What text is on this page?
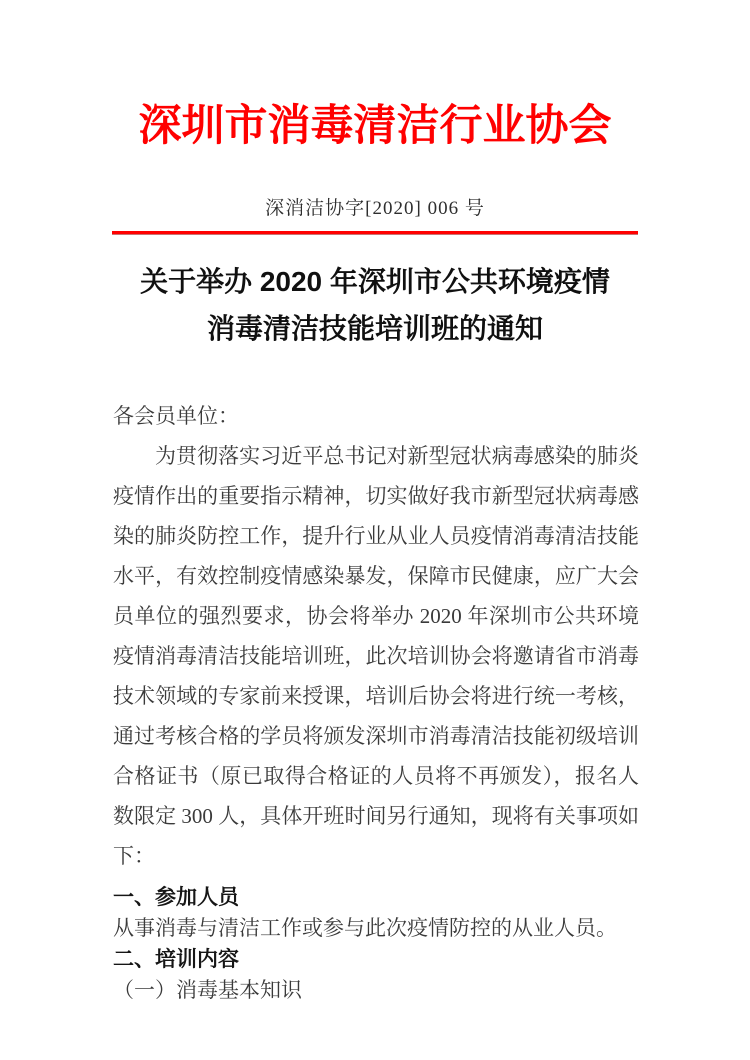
深圳市消毒清洁行业协会
深消洁协字[2020] 006 号
关于举办 2020 年深圳市公共环境疫情
消毒清洁技能培训班的通知
各会员单位：
为贯彻落实习近平总书记对新型冠状病毒感染的肺炎疫情作出的重要指示精神，切实做好我市新型冠状病毒感染的肺炎防控工作，提升行业从业人员疫情消毒清洁技能水平，有效控制疫情感染暴发，保障市民健康，应广大会员单位的强烈要求，协会将举办 2020 年深圳市公共环境疫情消毒清洁技能培训班，此次培训协会将邀请省市消毒技术领域的专家前来授课，培训后协会将进行统一考核，通过考核合格的学员将颁发深圳市消毒清洁技能初级培训合格证书（原已取得合格证的人员将不再颁发），报名人数限定 300 人，具体开班时间另行通知，现将有关事项如下：
一、参加人员
从事消毒与清洁工作或参与此次疫情防控的从业人员。
二、培训内容
（一）消毒基本知识
